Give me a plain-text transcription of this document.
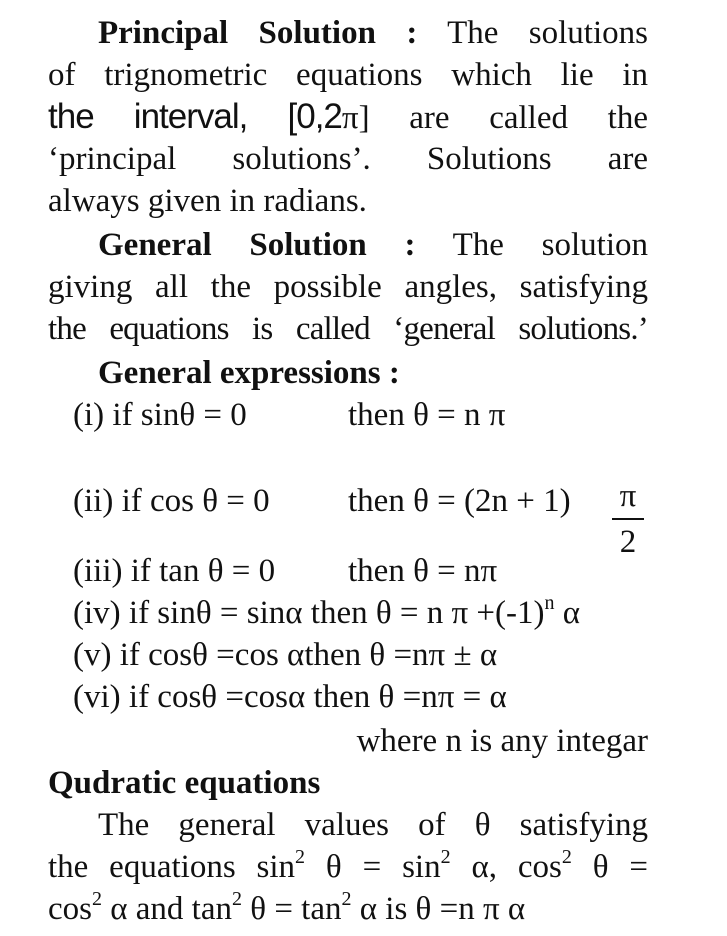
Principal Solution : The solutions
of trignometric equations which lie in
the interval, [0,2π] are called the
‘principal solutions’. Solutions are
always given in radians.
General Solution : The solution
giving all the possible angles, satisfying
the equations is called ‘general solutions.’
General expressions :
(i) if sinθ = 0	then θ = n π
(ii) if cos θ = 0 then θ = (2n + 1)
(iii) if tan θ = 0 then θ = nπ
(iv) if sinθ = sinα then θ = n $\pi +(-1)^n$ α
(v) if cosθ =cos αthen θ =nπ ± α
(vi) if cosθ =cosα then θ =nπ = α
where n is any integar
Qudratic equations
The general values of θ satisfying
the equations $\sin^2 \theta = \sin^2 \alpha$, $\cos^2 \theta$ =
$\cos^2 \alpha$ and $\tan^2 \theta = \tan^2 \alpha$ is θ =n π α
π
2
